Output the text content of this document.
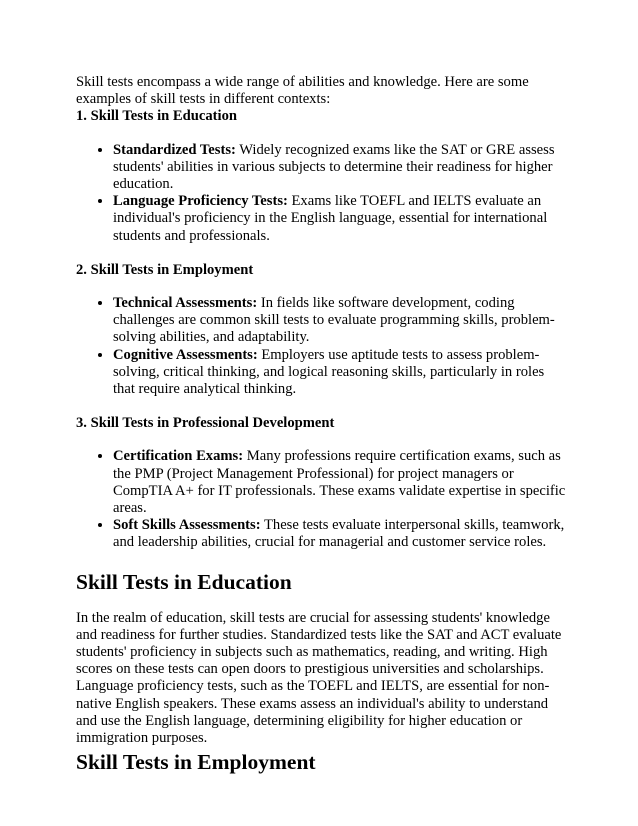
Skill tests encompass a wide range of abilities and knowledge. Here are some examples of skill tests in different contexts:

1. Skill Tests in Education

• Standardized Tests: Widely recognized exams like the SAT or GRE assess students' abilities in various subjects to determine their readiness for higher education.
• Language Proficiency Tests: Exams like TOEFL and IELTS evaluate an individual's proficiency in the English language, essential for international students and professionals.

2. Skill Tests in Employment

• Technical Assessments: In fields like software development, coding challenges are common skill tests to evaluate programming skills, problem-solving abilities, and adaptability.
• Cognitive Assessments: Employers use aptitude tests to assess problem-solving, critical thinking, and logical reasoning skills, particularly in roles that require analytical thinking.

3. Skill Tests in Professional Development

• Certification Exams: Many professions require certification exams, such as the PMP (Project Management Professional) for project managers or CompTIA A+ for IT professionals. These exams validate expertise in specific areas.
• Soft Skills Assessments: These tests evaluate interpersonal skills, teamwork, and leadership abilities, crucial for managerial and customer service roles.
Skill Tests in Education

In the realm of education, skill tests are crucial for assessing students' knowledge and readiness for further studies. Standardized tests like the SAT and ACT evaluate students' proficiency in subjects such as mathematics, reading, and writing. High scores on these tests can open doors to prestigious universities and scholarships.

Language proficiency tests, such as the TOEFL and IELTS, are essential for non-native English speakers. These exams assess an individual's ability to understand and use the English language, determining eligibility for higher education or immigration purposes.

Skill Tests in Employment
